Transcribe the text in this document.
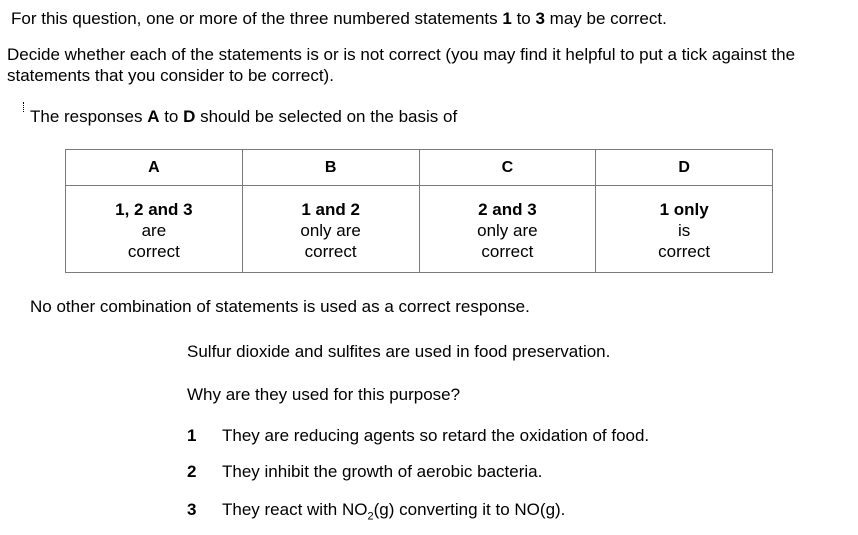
For this question, one or more of the three numbered statements 1 to 3 may be correct.
Decide whether each of the statements is or is not correct (you may find it helpful to put a tick against the statements that you consider to be correct).
The responses A to D should be selected on the basis of
A	B	C	D
1, 2 and 3
are
correct	1 and 2
only are
correct	2 and 3
only are
correct	1 only
is
correct
No other combination of statements is used as a correct response.
Sulfur dioxide and sulfites are used in food preservation.
Why are they used for this purpose?
1 They are reducing agents so retard the oxidation of food.
2 They inhibit the growth of aerobic bacteria.
3 They react with $NO_2(g)$ converting it to NO(g).
